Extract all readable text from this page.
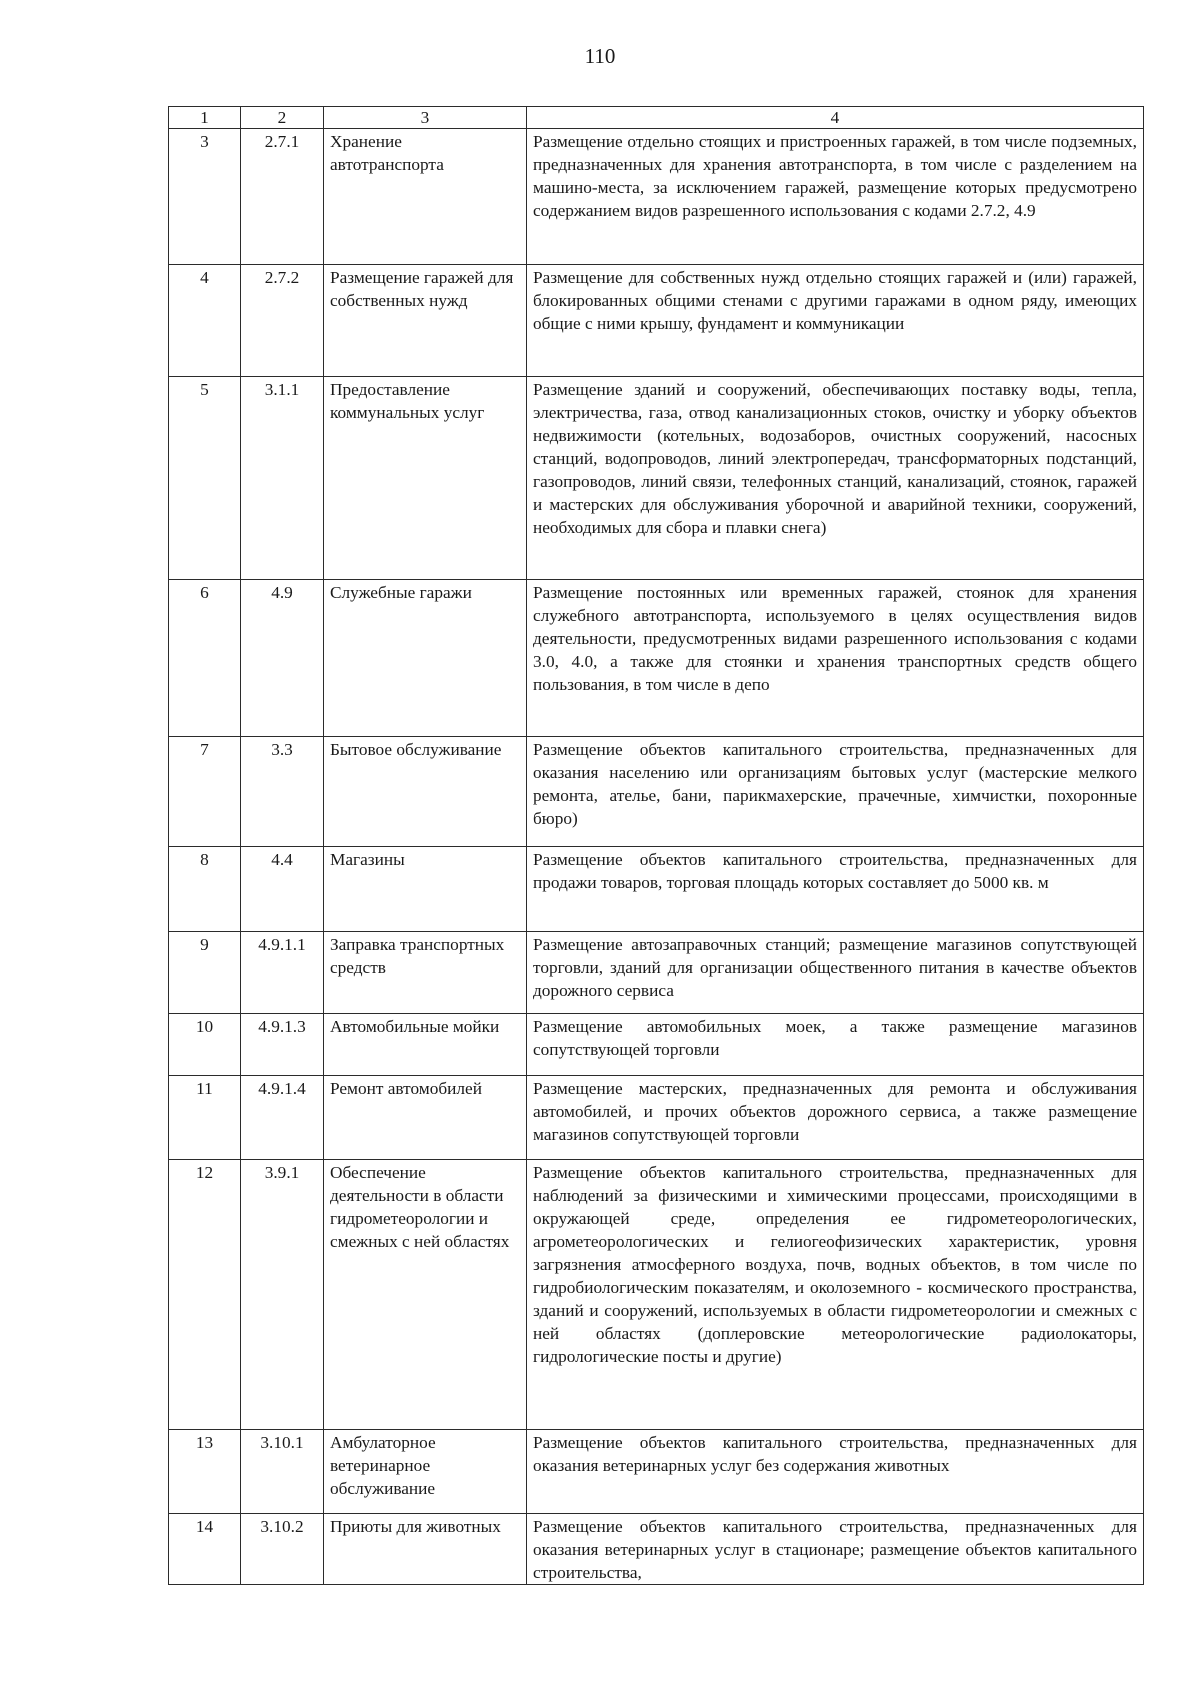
110
1	2	3	4
3	2.7.1	Хранение автотранспорта	Размещение отдельно стоящих и пристроенных гаражей, в том числе подземных, предназначенных для хранения автотранспорта, в том числе с разделением на машино-места, за исключением гаражей, размещение которых предусмотрено содержанием видов разрешенного использования с кодами 2.7.2, 4.9
4	2.7.2	Размещение гаражей для собственных нужд	Размещение для собственных нужд отдельно стоящих гаражей и (или) гаражей, блокированных общими стенами с другими гаражами в одном ряду, имеющих общие с ними крышу, фундамент и коммуникации
5	3.1.1	Предоставление коммунальных услуг	Размещение зданий и сооружений, обеспечивающих поставку воды, тепла, электричества, газа, отвод канализационных стоков, очистку и уборку объектов недвижимости (котельных, водозаборов, очистных сооружений, насосных станций, водопроводов, линий электропередач, трансформаторных подстанций, газопроводов, линий связи, телефонных станций, канализаций, стоянок, гаражей и мастерских для обслуживания уборочной и аварийной техники, сооружений, необходимых для сбора и плавки снега)
6	4.9	Служебные гаражи	Размещение постоянных или временных гаражей, стоянок для хранения служебного автотранспорта, используемого в целях осуществления видов деятельности, предусмотренных видами разрешенного использования с кодами 3.0, 4.0, а также для стоянки и хранения транспортных средств общего пользования, в том числе в депо
7	3.3	Бытовое обслуживание	Размещение объектов капитального строительства, предназначенных для оказания населению или организациям бытовых услуг (мастерские мелкого ремонта, ателье, бани, парикмахерские, прачечные, химчистки, похоронные бюро)
8	4.4	Магазины	Размещение объектов капитального строительства, предназначенных для продажи товаров, торговая площадь которых составляет до 5000 кв. м
9	4.9.1.1	Заправка транспортных средств	Размещение автозаправочных станций; размещение магазинов сопутствующей торговли, зданий для организации общественного питания в качестве объектов дорожного сервиса
10	4.9.1.3	Автомобильные мойки	Размещение автомобильных моек, а также размещение магазинов сопутствующей торговли
11	4.9.1.4	Ремонт автомобилей	Размещение мастерских, предназначенных для ремонта и обслуживания автомобилей, и прочих объектов дорожного сервиса, а также размещение магазинов сопутствующей торговли
12	3.9.1	Обеспечение деятельности в области гидрометеорологии и смежных с ней областях	Размещение объектов капитального строительства, предназначенных для наблюдений за физическими и химическими процессами, происходящими в окружающей среде, определения ее гидрометеорологических, агрометеорологических и гелиогеофизических характеристик, уровня загрязнения атмосферного воздуха, почв, водных объектов, в том числе по гидробиологическим показателям, и околоземного - космического пространства, зданий и сооружений, используемых в области гидрометеорологии и смежных с ней областях (доплеровские метеорологические радиолокаторы, гидрологические посты и другие)
13	3.10.1	Амбулаторное ветеринарное обслуживание	Размещение объектов капитального строительства, предназначенных для оказания ветеринарных услуг без содержания животных
14	3.10.2	Приюты для животных	Размещение объектов капитального строительства, предназначенных для оказания ветеринарных услуг в стационаре; размещение объектов капитального строительства,
